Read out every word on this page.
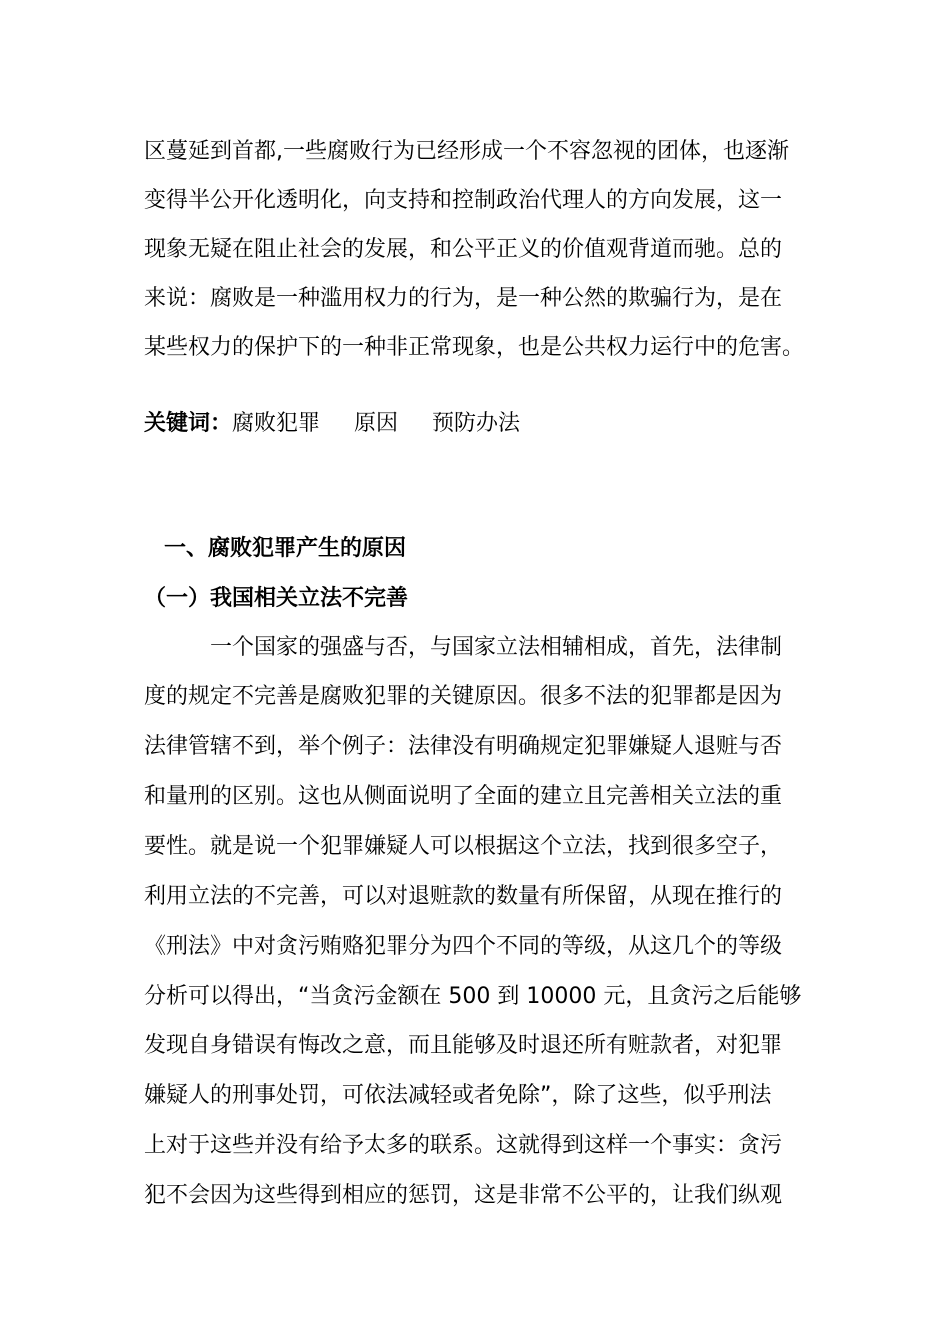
区蔓延到首都,一些腐败行为已经形成一个不容忽视的团体，也逐渐
变得半公开化透明化，向支持和控制政治代理人的方向发展，这一
现象无疑在阻止社会的发展，和公平正义的价值观背道而驰。总的
来说：腐败是一种滥用权力的行为，是一种公然的欺骗行为，是在
某些权力的保护下的一种非正常现象，也是公共权力运行中的危害。
关键词：腐败犯罪 原因 预防办法
一、腐败犯罪产生的原因
（一）我国相关立法不完善
一个国家的强盛与否，与国家立法相辅相成，首先，法律制
度的规定不完善是腐败犯罪的关键原因。很多不法的犯罪都是因为
法律管辖不到，举个例子：法律没有明确规定犯罪嫌疑人退赃与否
和量刑的区别。这也从侧面说明了全面的建立且完善相关立法的重
要性。就是说一个犯罪嫌疑人可以根据这个立法，找到很多空子，
利用立法的不完善，可以对退赃款的数量有所保留，从现在推行的
《刑法》中对贪污贿赂犯罪分为四个不同的等级，从这几个的等级
分析可以得出，“当贪污金额在 500 到 10000 元，且贪污之后能够
发现自身错误有悔改之意，而且能够及时退还所有赃款者，对犯罪
嫌疑人的刑事处罚，可依法减轻或者免除”，除了这些，似乎刑法
上对于这些并没有给予太多的联系。这就得到这样一个事实：贪污
犯不会因为这些得到相应的惩罚，这是非常不公平的，让我们纵观
